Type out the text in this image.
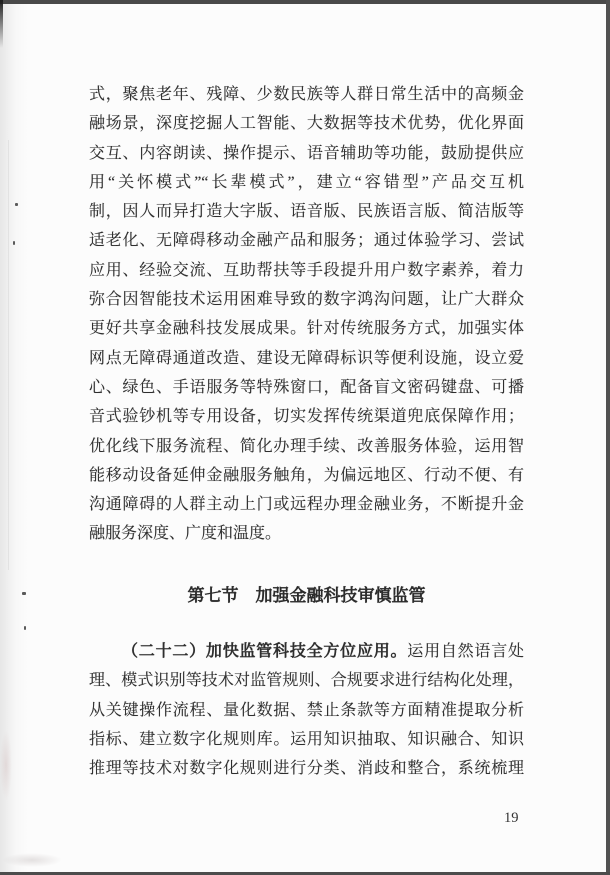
式，聚焦老年、残障、少数民族等人群日常生活中的高频金
融场景，深度挖掘人工智能、大数据等技术优势，优化界面
交互、内容朗读、操作提示、语音辅助等功能，鼓励提供应
用“关怀模式”“长辈模式”，建立“容错型”产品交互机
制，因人而异打造大字版、语音版、民族语言版、简洁版等
适老化、无障碍移动金融产品和服务；通过体验学习、尝试
应用、经验交流、互助帮扶等手段提升用户数字素养，着力
弥合因智能技术运用困难导致的数字鸿沟问题，让广大群众
更好共享金融科技发展成果。针对传统服务方式，加强实体
网点无障碍通道改造、建设无障碍标识等便利设施，设立爱
心、绿色、手语服务等特殊窗口，配备盲文密码键盘、可播
音式验钞机等专用设备，切实发挥传统渠道兜底保障作用；
优化线下服务流程、简化办理手续、改善服务体验，运用智
能移动设备延伸金融服务触角，为偏远地区、行动不便、有
沟通障碍的人群主动上门或远程办理金融业务，不断提升金
融服务深度、广度和温度。
第七节　加强金融科技审慎监管
（二十二）加快监管科技全方位应用。运用自然语言处
理、模式识别等技术对监管规则、合规要求进行结构化处理，
从关键操作流程、量化数据、禁止条款等方面精准提取分析
指标、建立数字化规则库。运用知识抽取、知识融合、知识
推理等技术对数字化规则进行分类、消歧和整合，系统梳理
19
